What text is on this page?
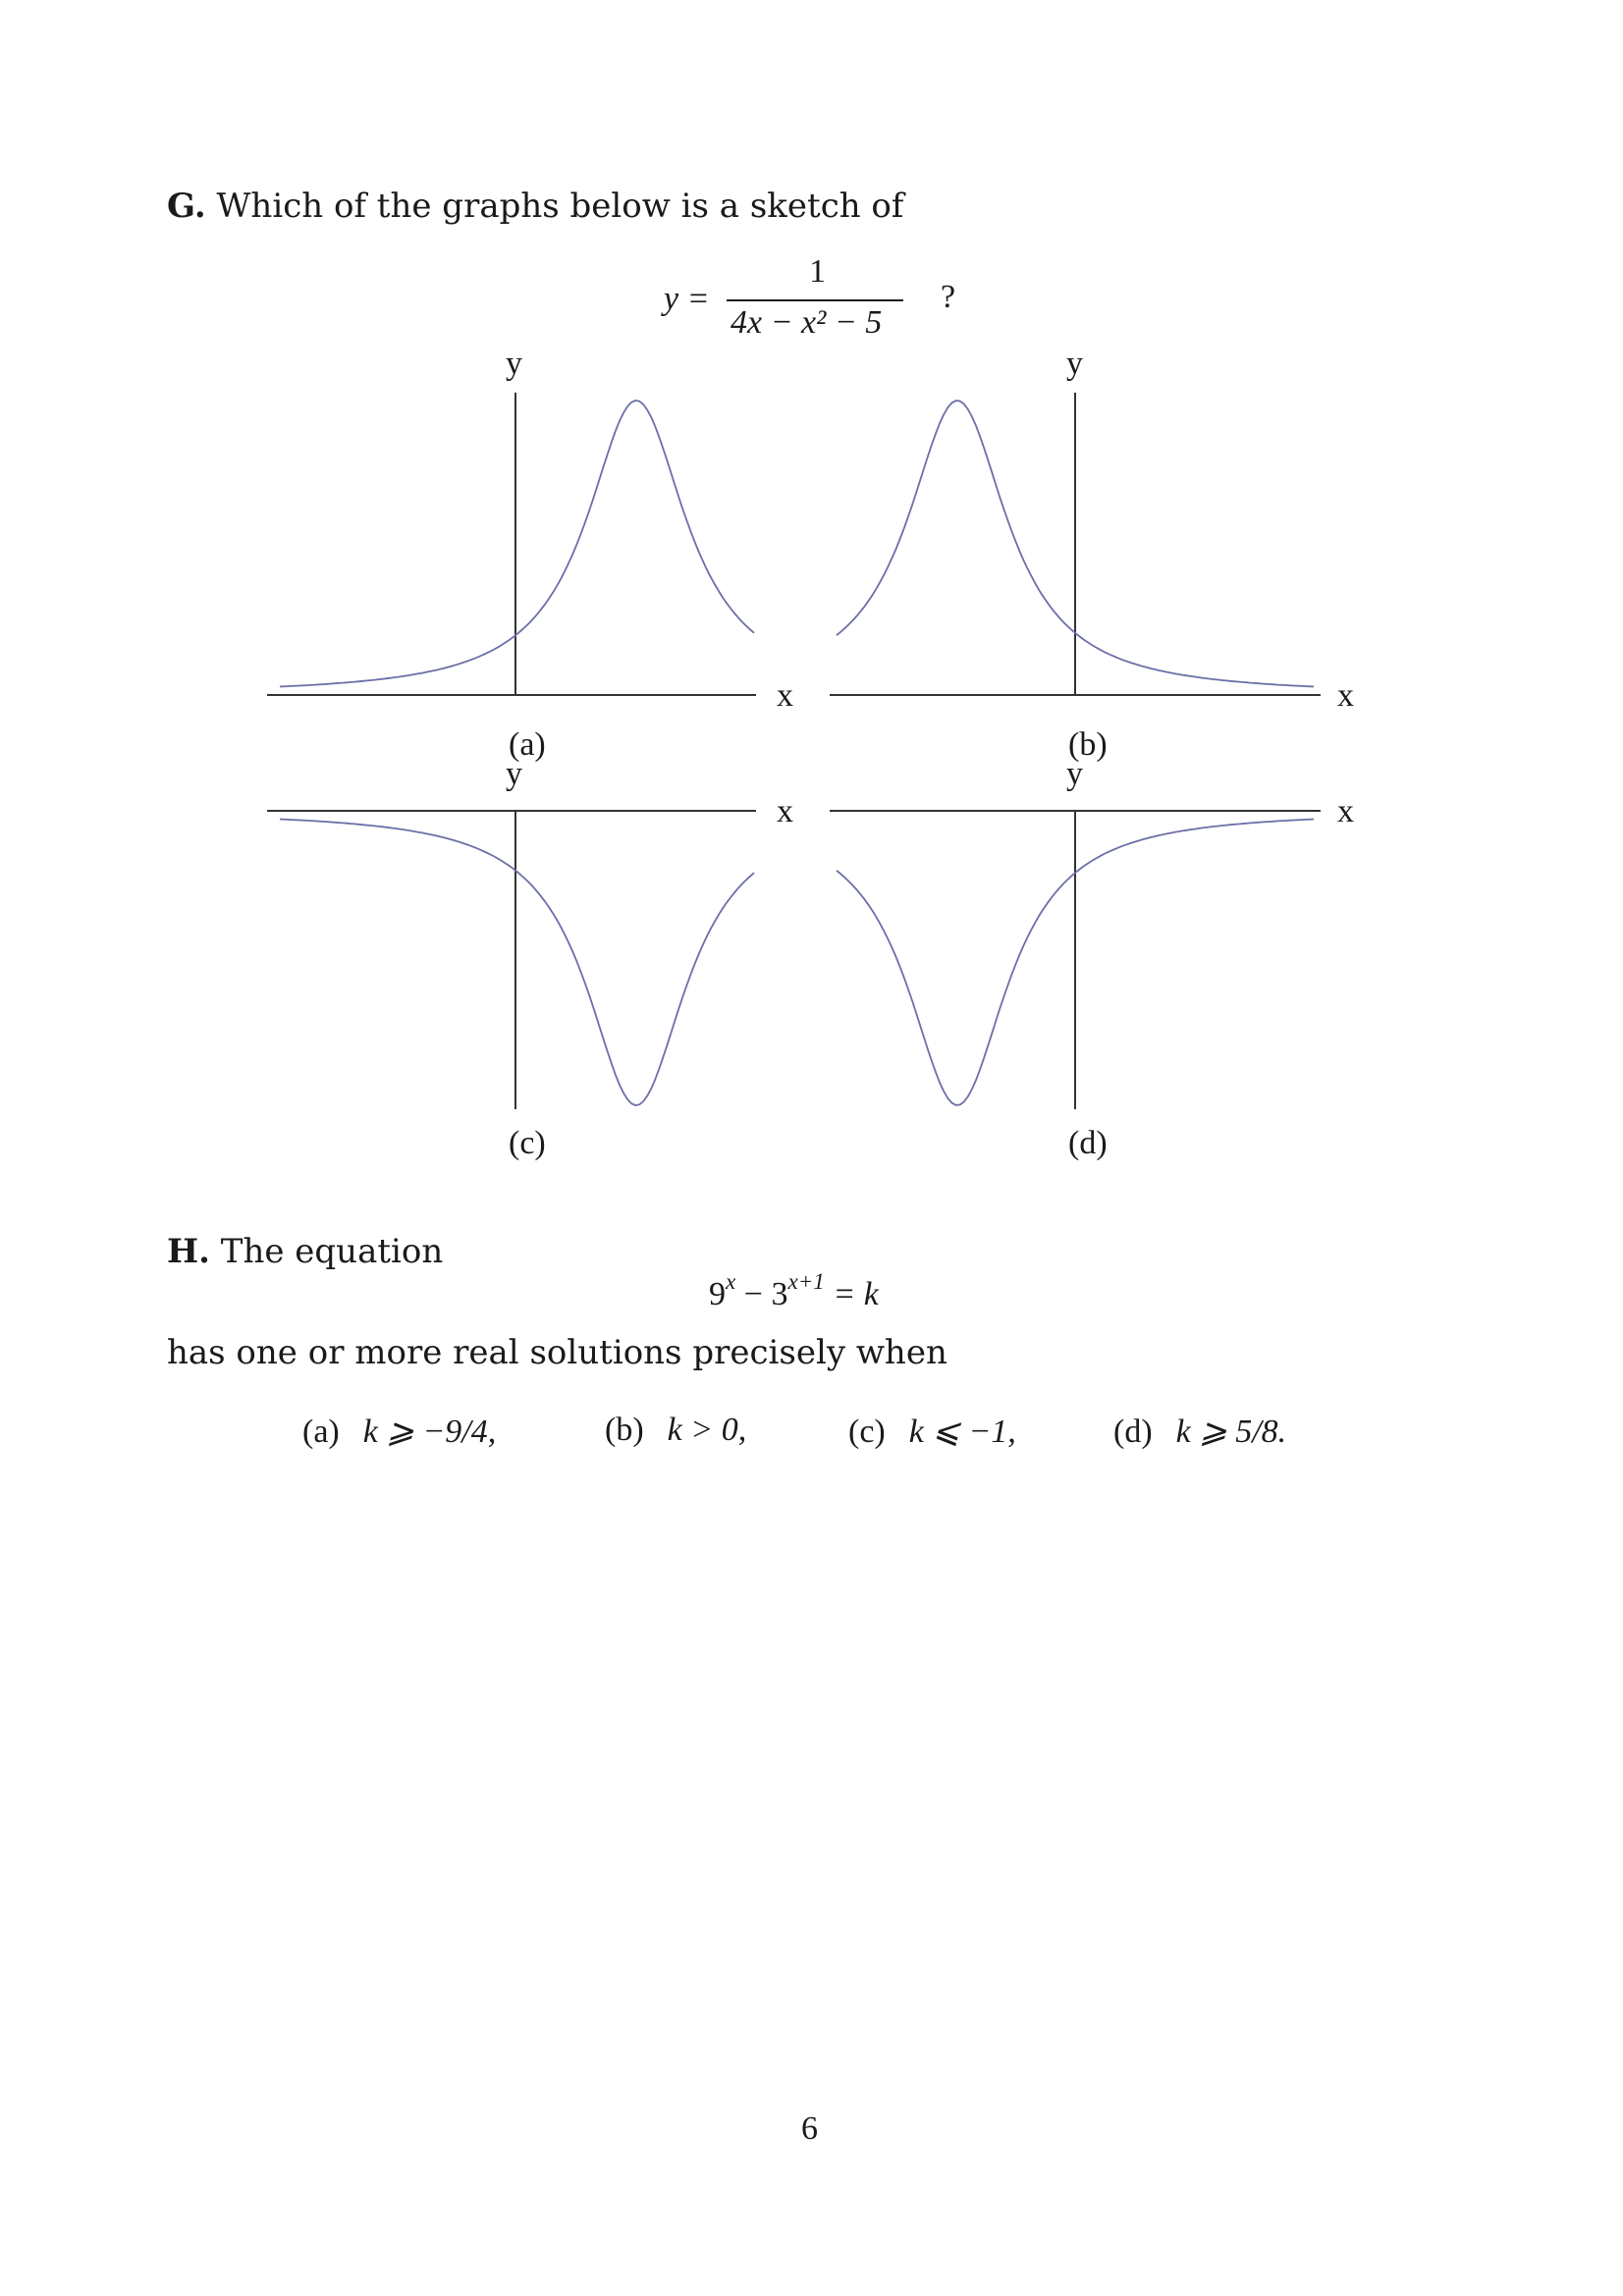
G. Which of the graphs below is a sketch of
y =
1
4x − x² − 5
?
y
x
(a)
y
x
(b)
y
x
(c)
y
x
(d)
H. The equation
$9^x - 3^{x+1} = k$
has one or more real solutions precisely when
(a) k ⩾ −9/4,	(b) k > 0,	(c) k ⩽ −1,	(d) k ⩾ 5/8.
6
